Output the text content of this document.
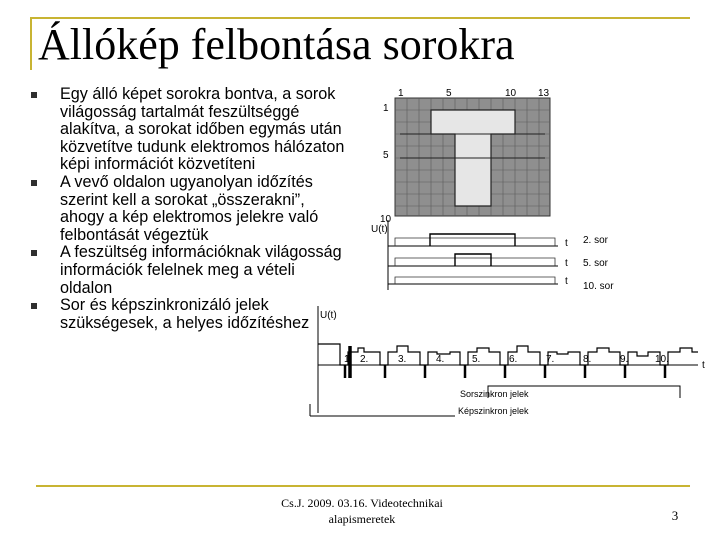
Állókép felbontása sorokra
Egy álló képet sorokra bontva, a sorok világosság tartalmát feszültséggé alakítva, a sorokat időben egymás után közvetítve tudunk elektromos hálózaton képi információt közvetíteni
A vevő oldalon ugyanolyan időzítés szerint kell a sorokat „összerakni”, ahogy a kép elektromos jelekre való felbontását végeztük
A feszültség információknak világosság információk felelnek meg a vételi oldalon
Sor és képszinkronizáló jelek szükségesek, a helyes időzítéshez
1	5	10 13
1
5
10
U(t)
t 2. sor
t 5. sor
t 10. sor
U(t)
t
1. 2.	3.	4.	5.	6.	7.	8.	9.	10.
Sorszinkron jelek
Képszinkron jelek
Cs.J. 2009. 03.16. Videotechnikai
alapismeretek	3
